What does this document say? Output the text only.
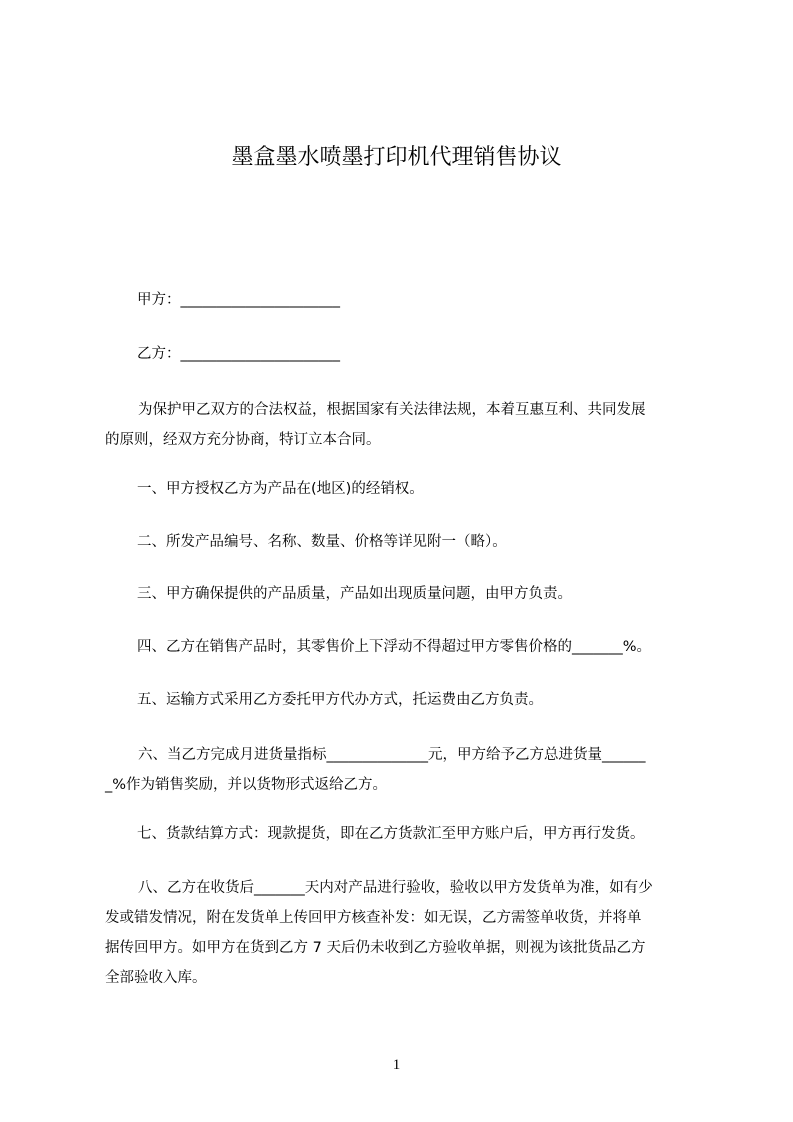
墨盒墨水喷墨打印机代理销售协议
甲方：______________________
乙方：______________________
为保护甲乙双方的合法权益，根据国家有关法律法规，本着互惠互利、共同发展
的原则，经双方充分协商，特订立本合同。
一、甲方授权乙方为产品在(地区)的经销权。
二、所发产品编号、名称、数量、价格等详见附一（略）。
三、甲方确保提供的产品质量，产品如出现质量问题，由甲方负责。
四、乙方在销售产品时，其零售价上下浮动不得超过甲方零售价格的_______%。
五、运输方式采用乙方委托甲方代办方式，托运费由乙方负责。
六、当乙方完成月进货量指标______________元，甲方给予乙方总进货量______
_%作为销售奖励，并以货物形式返给乙方。
七、货款结算方式：现款提货，即在乙方货款汇至甲方账户后，甲方再行发货。
八、乙方在收货后_______天内对产品进行验收，验收以甲方发货单为准，如有少
发或错发情况，附在发货单上传回甲方核查补发：如无误，乙方需签单收货，并将单
据传回甲方。如甲方在货到乙方 7 天后仍未收到乙方验收单据，则视为该批货品乙方
全部验收入库。
1
